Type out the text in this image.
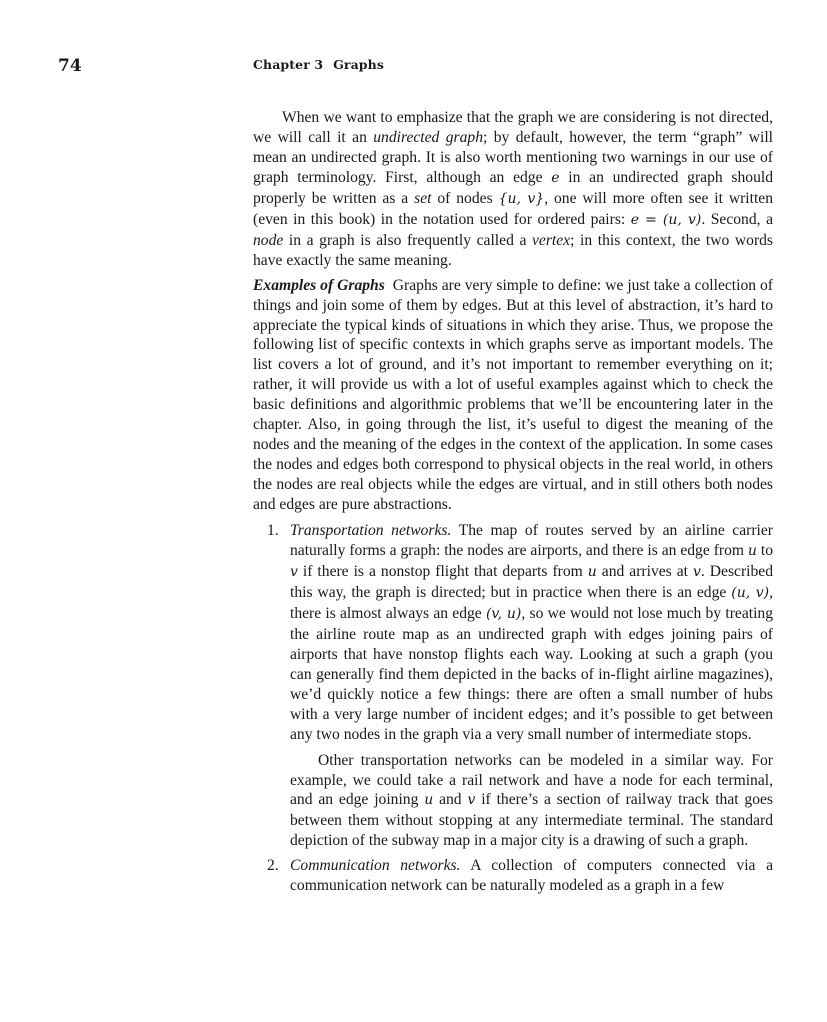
74	Chapter 3 Graphs

When we want to emphasize that the graph we are considering is not directed, we will call it an undirected graph; by default, however, the term “graph” will mean an undirected graph. It is also worth mentioning two warnings in our use of graph terminology. First, although an edge e in an undirected graph should properly be written as a set of nodes {u, v}, one will more often see it written (even in this book) in the notation used for ordered pairs: e = (u, v). Second, a node in a graph is also frequently called a vertex; in this context, the two words have exactly the same meaning.

Examples of Graphs Graphs are very simple to define: we just take a collection of things and join some of them by edges. But at this level of abstraction, it’s hard to appreciate the typical kinds of situations in which they arise. Thus, we propose the following list of specific contexts in which graphs serve as important models. The list covers a lot of ground, and it’s not important to remember everything on it; rather, it will provide us with a lot of useful examples against which to check the basic definitions and algorithmic problems that we’ll be encountering later in the chapter. Also, in going through the list, it’s useful to digest the meaning of the nodes and the meaning of the edges in the context of the application. In some cases the nodes and edges both correspond to physical objects in the real world, in others the nodes are real objects while the edges are virtual, and in still others both nodes and edges are pure abstractions.

1. Transportation networks. The map of routes served by an airline carrier naturally forms a graph: the nodes are airports, and there is an edge from u to v if there is a nonstop flight that departs from u and arrives at v. Described this way, the graph is directed; but in practice when there is an edge (u, v), there is almost always an edge (v, u), so we would not lose much by treating the airline route map as an undirected graph with edges joining pairs of airports that have nonstop flights each way. Looking at such a graph (you can generally find them depicted in the backs of in-flight airline magazines), we’d quickly notice a few things: there are often a small number of hubs with a very large number of incident edges; and it’s possible to get between any two nodes in the graph via a very small number of intermediate stops.

Other transportation networks can be modeled in a similar way. For example, we could take a rail network and have a node for each terminal, and an edge joining u and v if there’s a section of railway track that goes between them without stopping at any intermediate terminal. The standard depiction of the subway map in a major city is a drawing of such a graph.

2. Communication networks. A collection of computers connected via a communication network can be naturally modeled as a graph in a few
